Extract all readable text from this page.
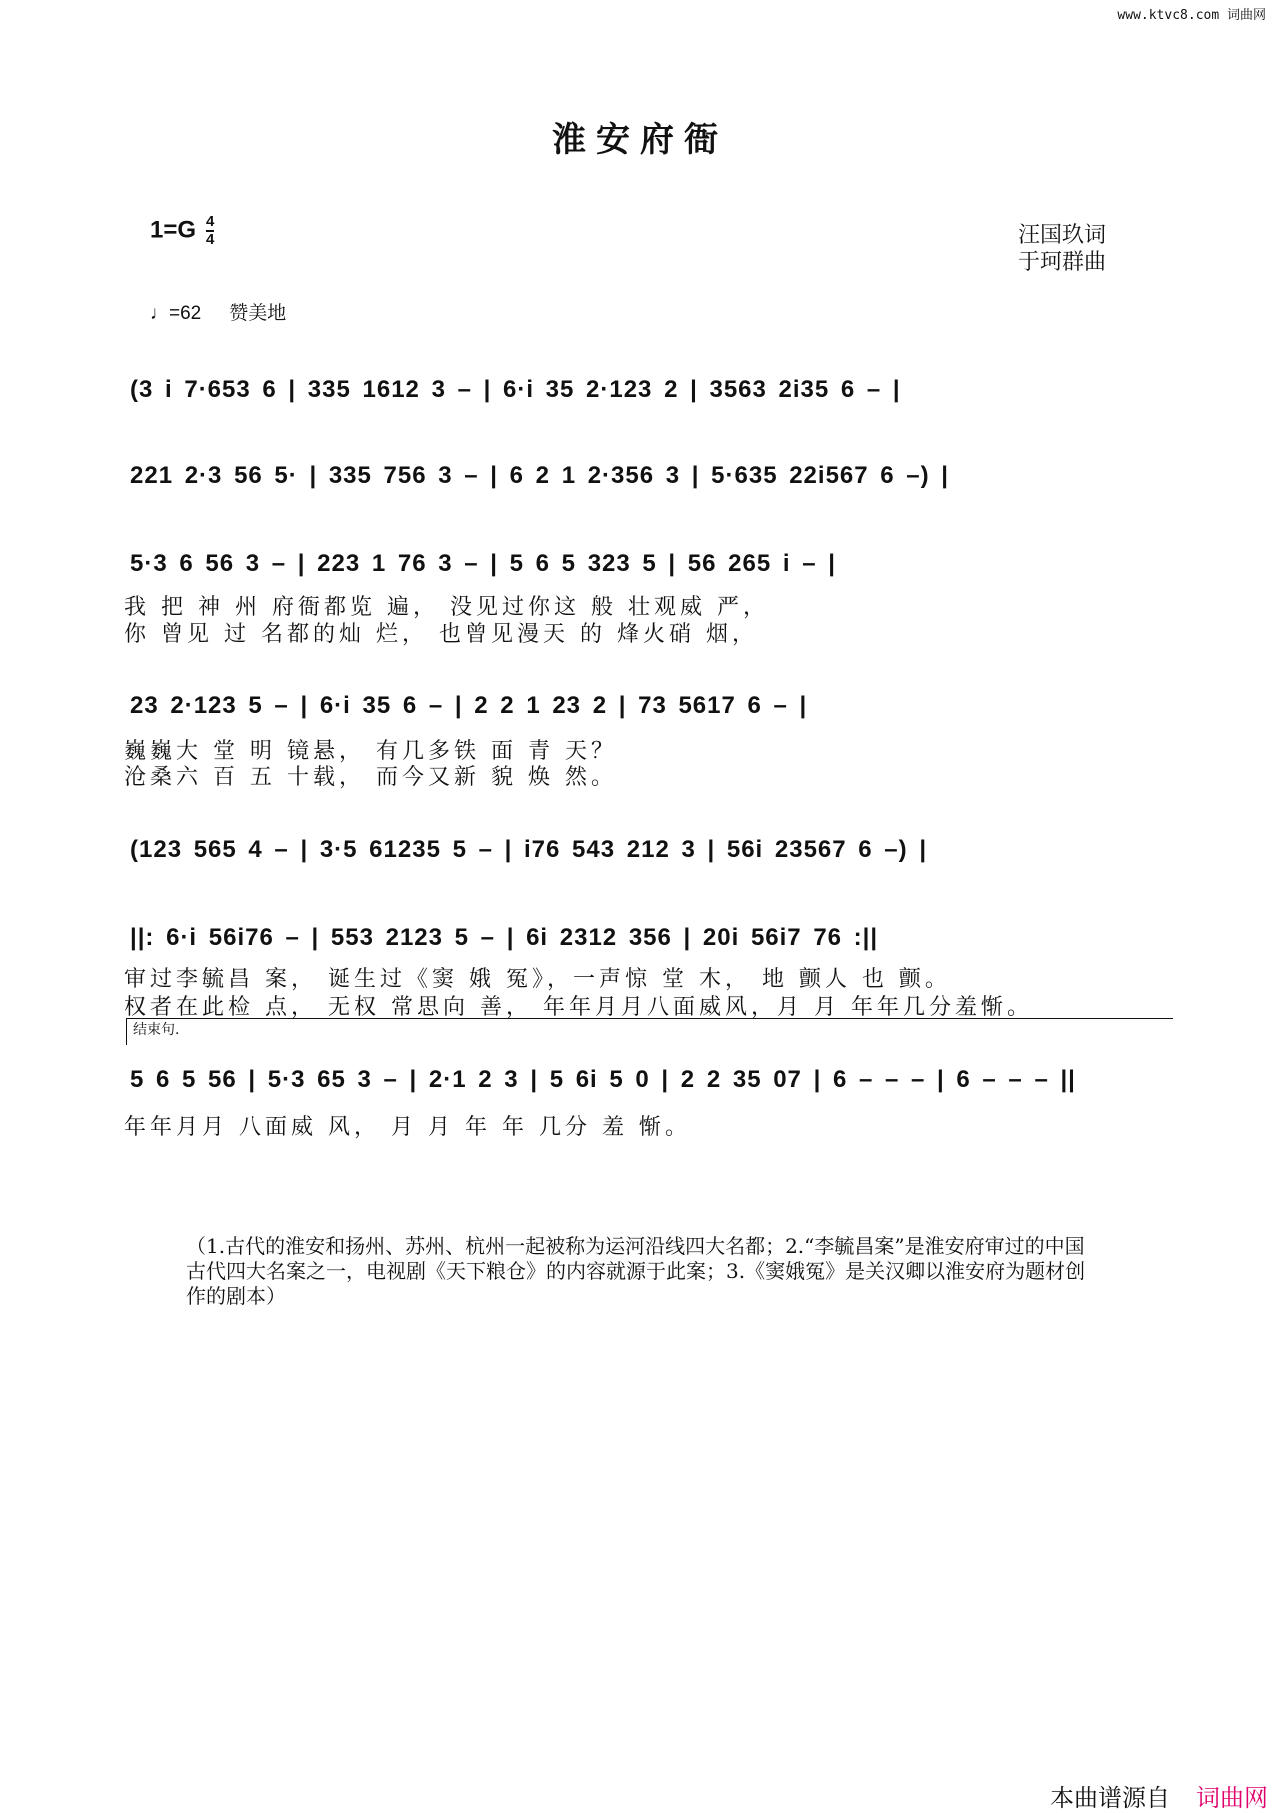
www.ktvc8.com 词曲网
淮安府衙
$1=G \frac{4}{4}$	汪国玖词
于珂群曲
♩=62 赞美地
(3 i 7·653 6 | 335 1612 3 – | 6·i 35 2·123 2 | 3563 2i35 6 – |
221 2·3 56 5· | 335 756 3 – | 6 2 1 2·356 3 | 5·635 22i567 6 –) |
5·3 6 56 3 – | 223 1 76 3 – | 5 6 5 323 5 | 56 265 i – |
我 把 神 州 府衙都览 遍， 没见过你这 般 壮观威 严，
你 曾见 过 名都的灿 烂， 也曾见漫天 的 烽火硝 烟，
23 2·123 5 – | 6·i 35 6 – | 2 2 1 23 2 | 73 5617 6 – |
巍巍大 堂 明 镜悬， 有几多铁 面 青 天？
沧桑六 百 五 十载， 而今又新 貌 焕 然。
(123 565 4 – | 3·5 61235 5 – | i76 543 212 3 | 56i 23567 6 –) |
||: 6·i 56i76 – | 553 2123 5 – | 6i 2312 356 | 20i 56i7 76 :||
审过李毓昌 案， 诞生过《窦 娥 冤》，一声惊 堂 木， 地 颤人 也 颤。
权者在此检 点， 无权 常思向 善， 年年月月八面威风，月 月 年年几分羞惭。
结束句.
5 6 5 56 | 5·3 65 3 – | 2·1 2 3 | 5 6i 5 0 | 2 2 35 07 | 6 – – – | 6 – – – ||
年年月月 八面威 风， 月 月 年 年 几分 羞 惭。
（1.古代的淮安和扬州、苏州、杭州一起被称为运河沿线四大名都；2.“李毓昌案”是淮安府审过的中国古代四大名案之一，电视剧《天下粮仓》的内容就源于此案；3.《窦娥冤》是关汉卿以淮安府为题材创作的剧本）
本曲谱源自 词曲网
